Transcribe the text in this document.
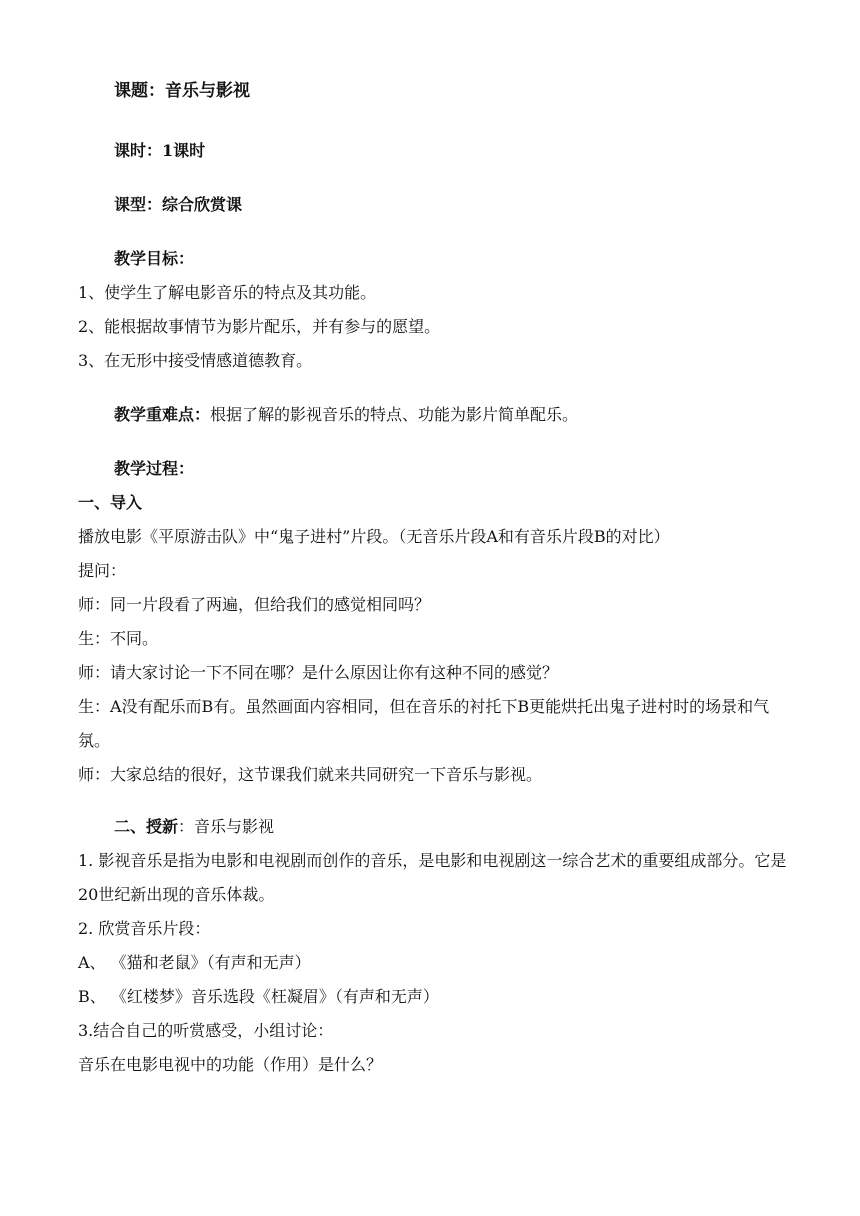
课题：音乐与影视
课时：1课时
课型：综合欣赏课
教学目标：
1、使学生了解电影音乐的特点及其功能。
2、能根据故事情节为影片配乐，并有参与的愿望。
3、在无形中接受情感道德教育。
教学重难点：根据了解的影视音乐的特点、功能为影片简单配乐。
教学过程：
一、导入
播放电影《平原游击队》中“鬼子进村”片段。（无音乐片段A和有音乐片段B的对比）
提问：
师：同一片段看了两遍，但给我们的感觉相同吗？
生：不同。
师：请大家讨论一下不同在哪？是什么原因让你有这种不同的感觉？
生：A没有配乐而B有。虽然画面内容相同，但在音乐的衬托下B更能烘托出鬼子进村时的场景和气氛。
师：大家总结的很好，这节课我们就来共同研究一下音乐与影视。
二、授新：音乐与影视
1. 影视音乐是指为电影和电视剧而创作的音乐，是电影和电视剧这一综合艺术的重要组成部分。它是20世纪新出现的音乐体裁。
2. 欣赏音乐片段：
A、 《猫和老鼠》（有声和无声）
B、 《红楼梦》音乐选段《枉凝眉》（有声和无声）
3.结合自己的听赏感受，小组讨论：
音乐在电影电视中的功能（作用）是什么？
